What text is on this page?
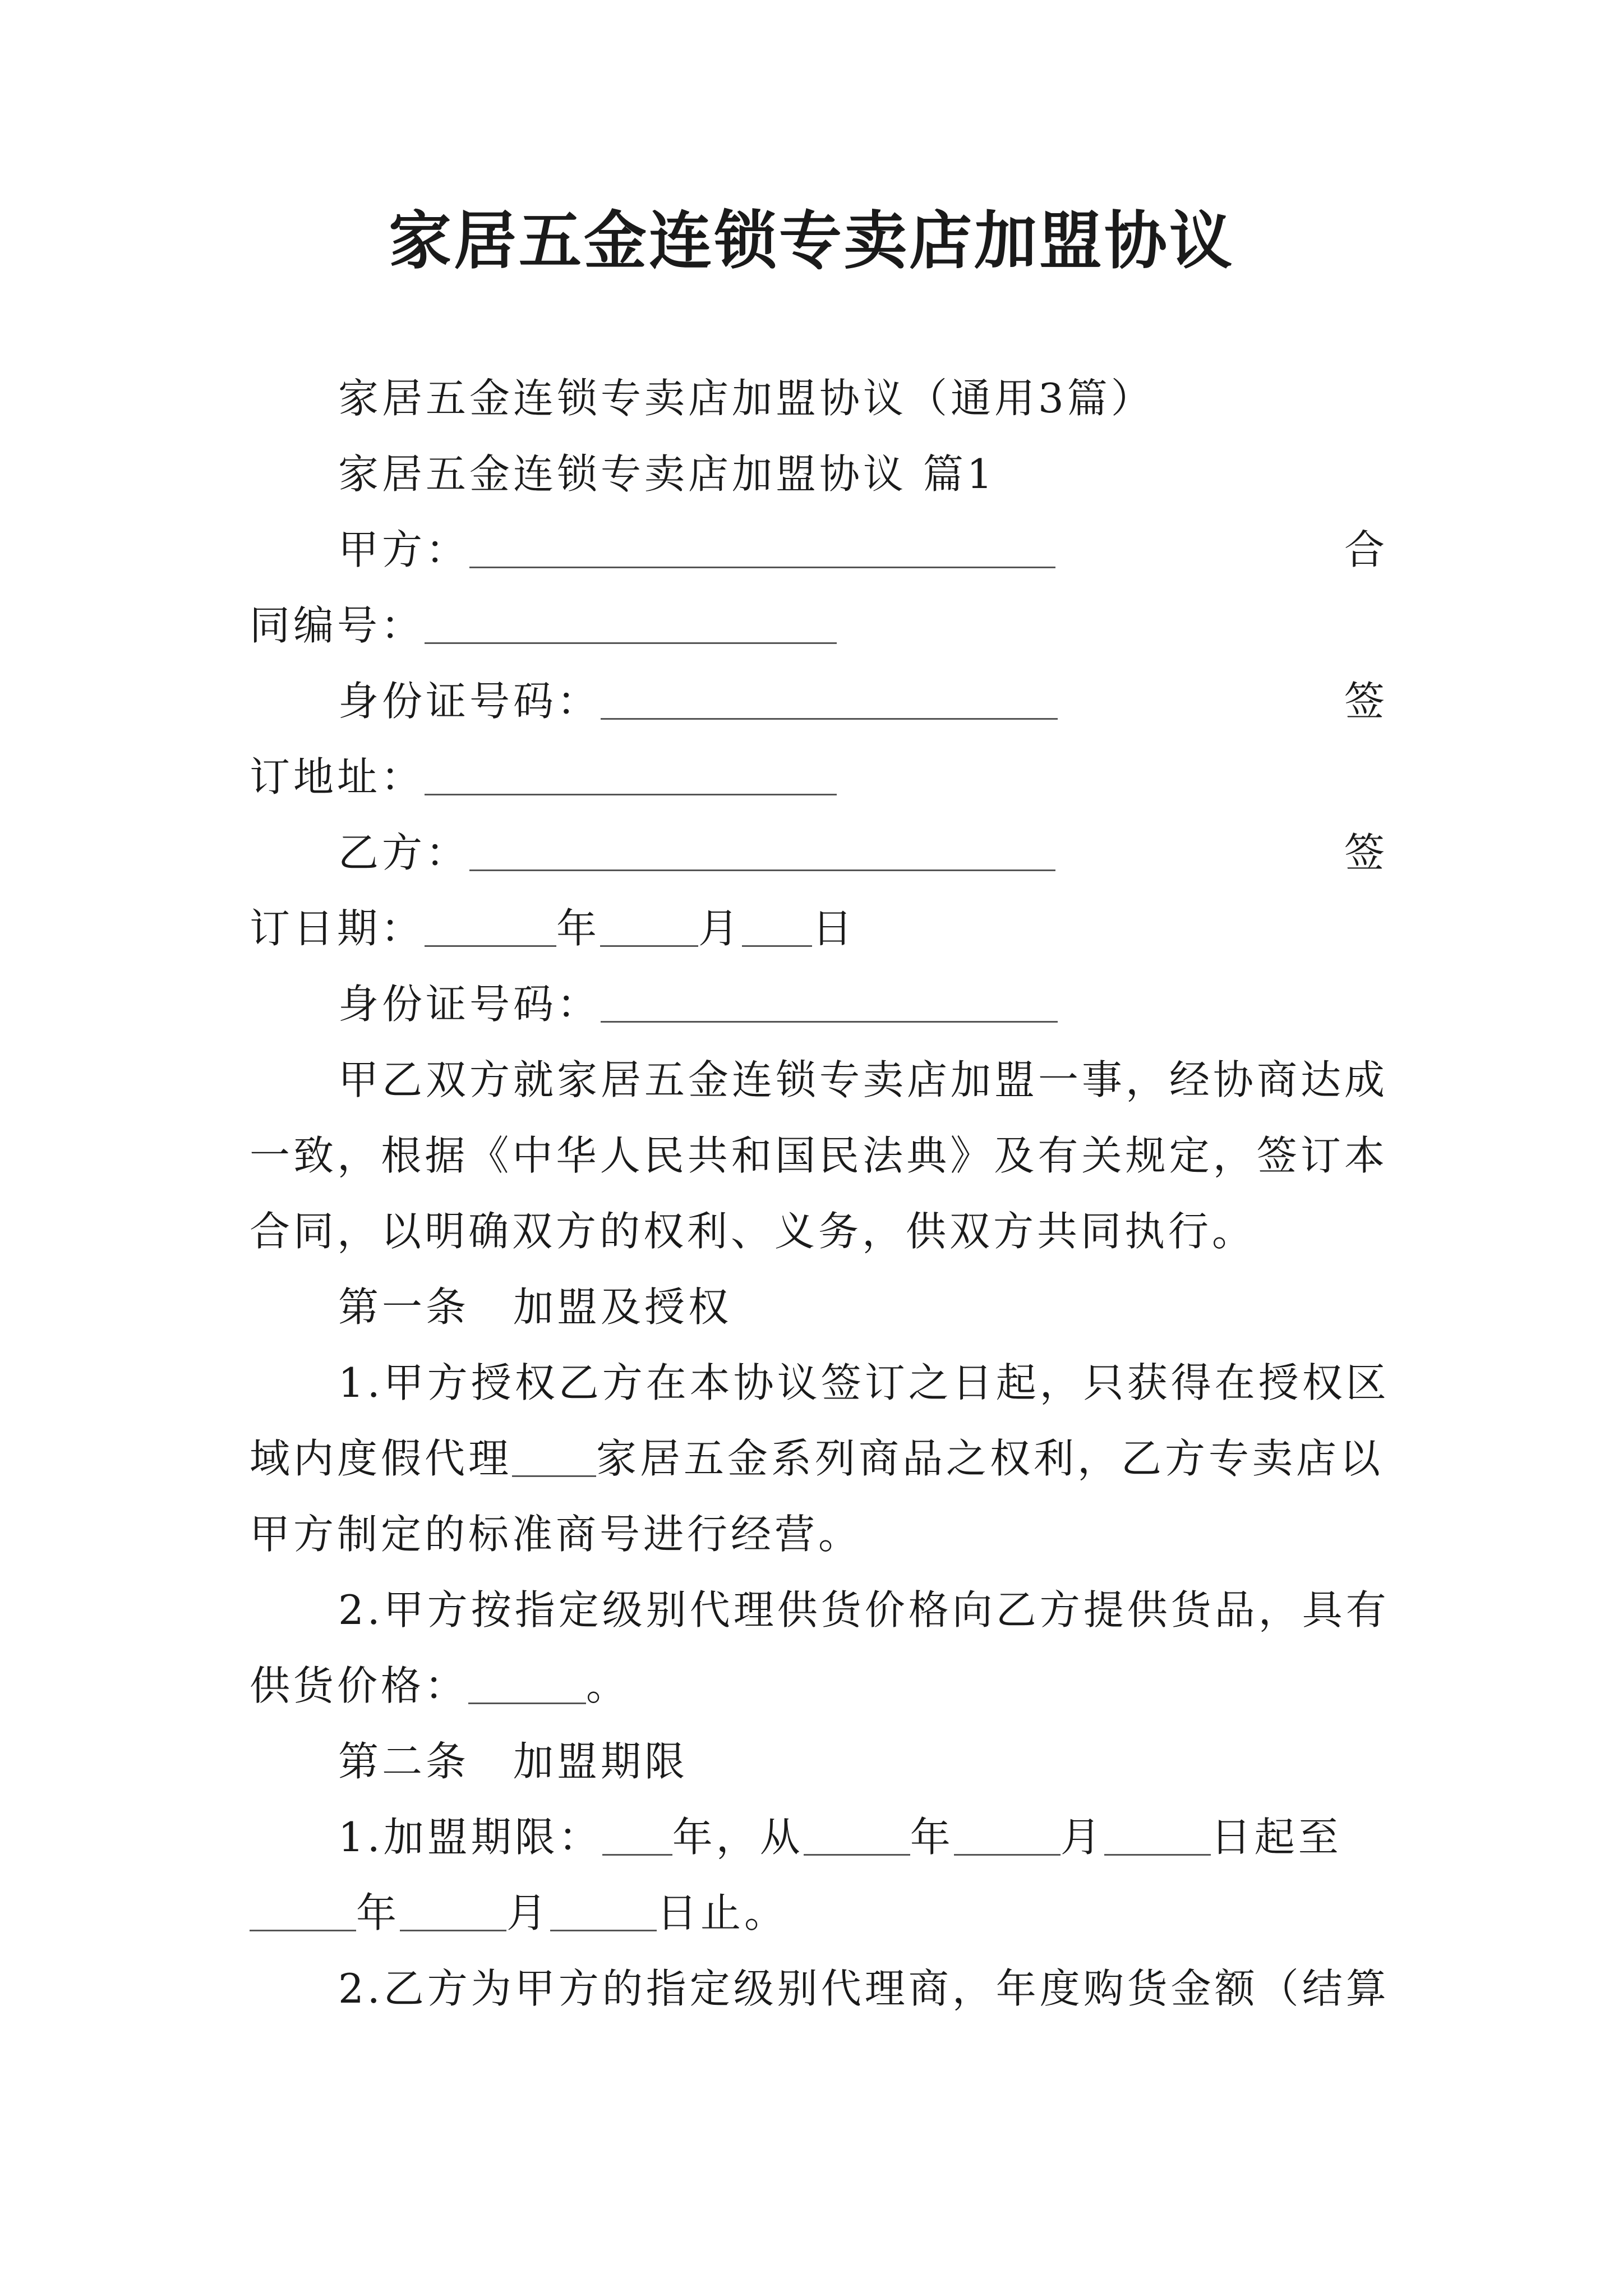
家居五金连锁专卖店加盟协议
家居五金连锁专卖店加盟协议（通用3篇）
家居五金连锁专卖店加盟协议 篇1
甲方：	合
同编号：
身份证号码：	签
订地址：
乙方：	签
订日期：	年 月 日
身份证号码：
甲乙双方就家居五金连锁专卖店加盟一事，经协商达成
一致，根据《中华人民共和国民法典》及有关规定，签订本
合同，以明确双方的权利、义务，供双方共同执行。
第一条　加盟及授权
1.甲方授权乙方在本协议签订之日起，只获得在授权区
域内度假代理 家居五金系列商品之权利，乙方专卖店以
甲方制定的标准商号进行经营。
2.甲方按指定级别代理供货价格向乙方提供货品，具有
供货价格：	。
第二条　加盟期限
1.加盟期限： 年，从	年	月	日起至
年	月	日止。
2.乙方为甲方的指定级别代理商，年度购货金额（结算
